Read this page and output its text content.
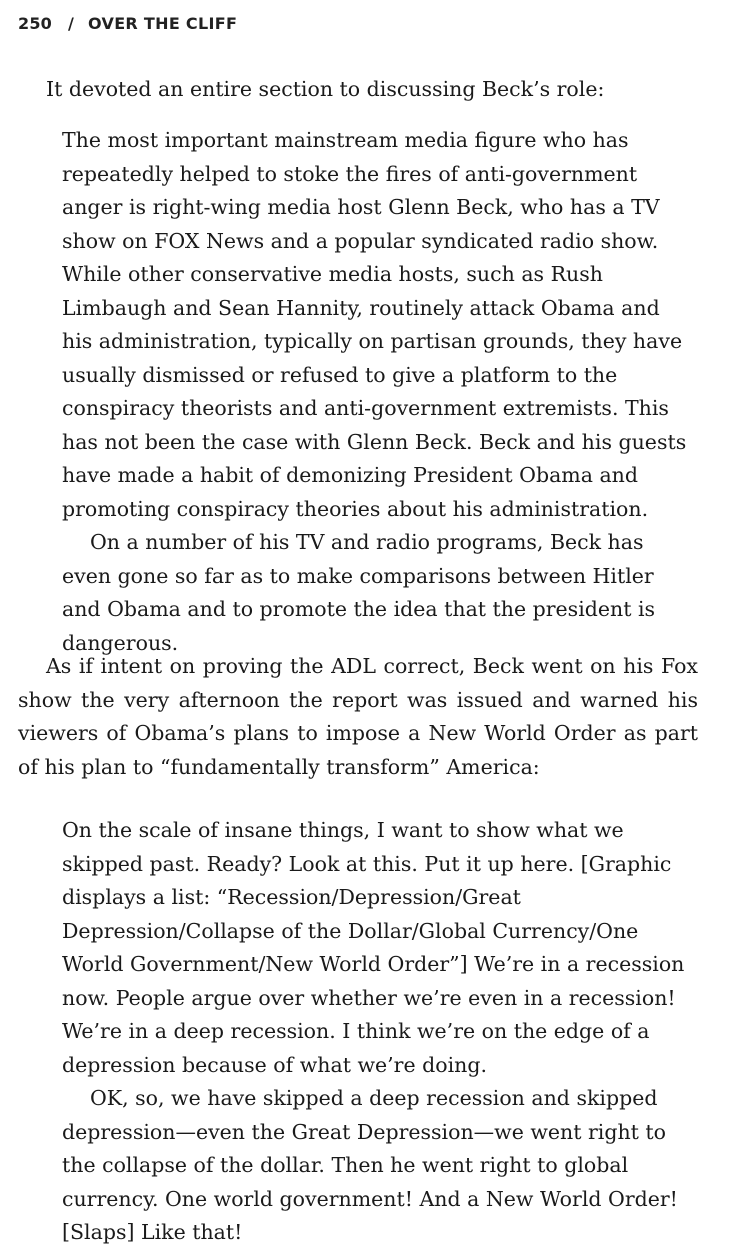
250 / OVER THE CLIFF

It devoted an entire section to discussing Beck’s role:

The most important mainstream media figure who has repeatedly helped to stoke the fires of anti-government anger is right-wing media host Glenn Beck, who has a TV show on FOX News and a popular syndicated radio show. While other conservative media hosts, such as Rush Limbaugh and Sean Hannity, routinely attack Obama and his administration, typically on partisan grounds, they have usually dismissed or refused to give a platform to the conspiracy theorists and anti-government extremists. This has not been the case with Glenn Beck. Beck and his guests have made a habit of demonizing President Obama and promoting conspiracy theories about his administration.

On a number of his TV and radio programs, Beck has even gone so far as to make comparisons between Hitler and Obama and to promote the idea that the president is dangerous.

As if intent on proving the ADL correct, Beck went on his Fox show the very afternoon the report was issued and warned his viewers of Obama’s plans to impose a New World Order as part of his plan to “fundamentally transform” America:

On the scale of insane things, I want to show what we skipped past. Ready? Look at this. Put it up here. [Graphic displays a list: “Recession/Depression/Great Depression/Collapse of the Dollar/Global Currency/One World Government/New World Order”] We’re in a recession now. People argue over whether we’re even in a recession! We’re in a deep recession. I think we’re on the edge of a depression because of what we’re doing.

OK, so, we have skipped a deep recession and skipped depression—even the Great Depression—we went right to the collapse of the dollar. Then he went right to global currency. One world government! And a New World Order! [Slaps] Like that!
